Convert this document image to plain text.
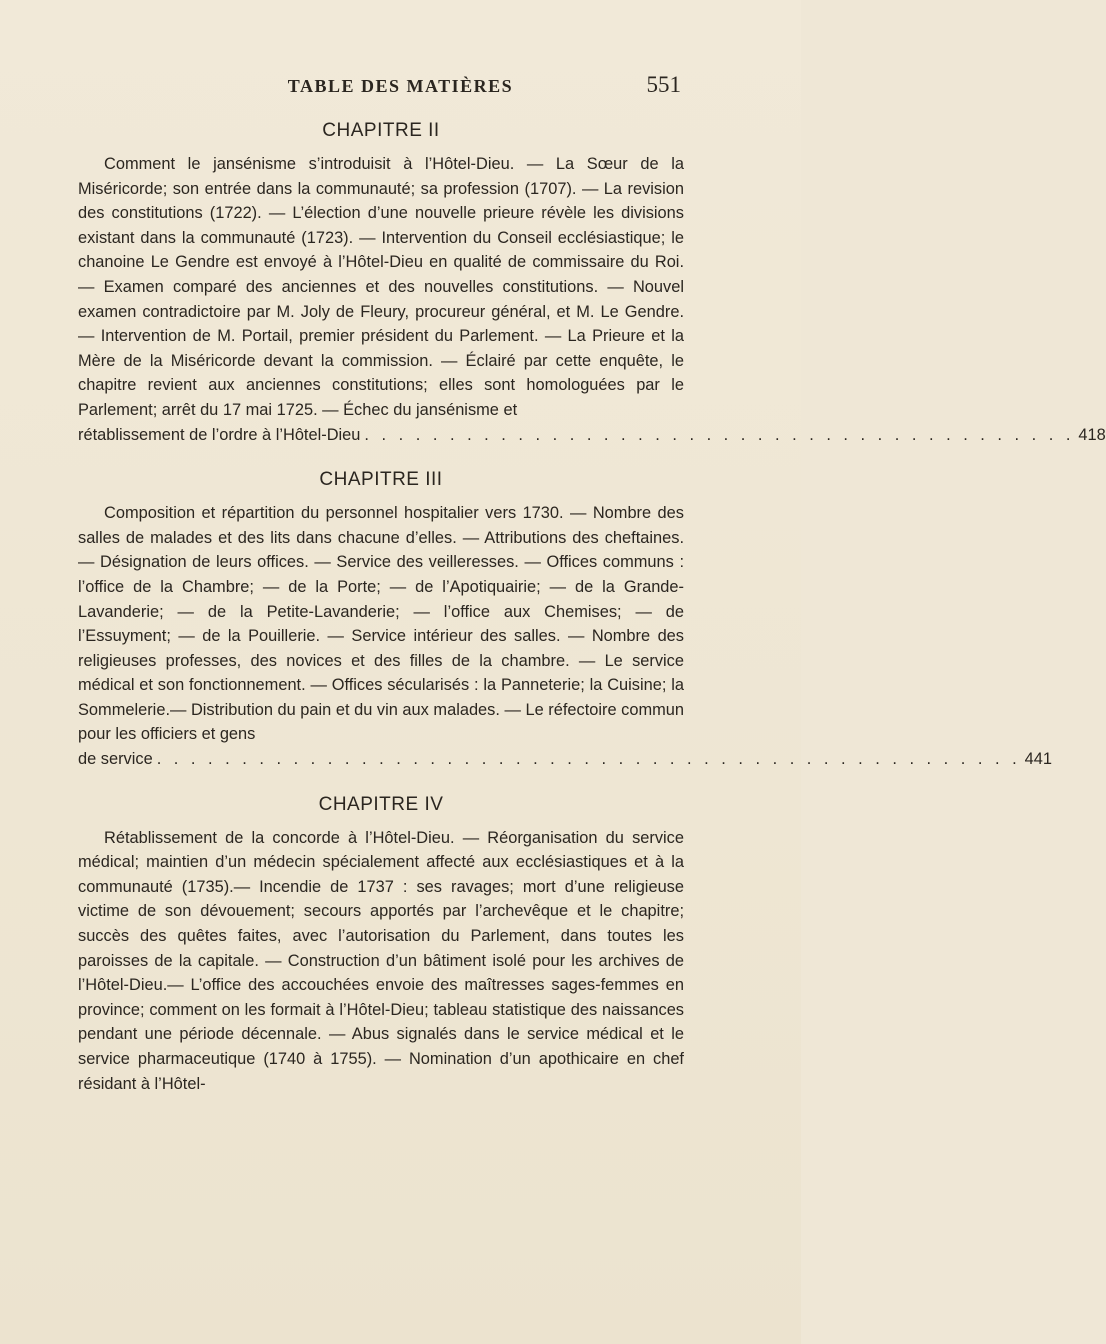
TABLE DES MATIÈRES	551
CHAPITRE II

Comment le jansénisme s’introduisit à l’Hôtel-Dieu. — La Sœur de la Miséricorde; son entrée dans la communauté; sa profession (1707). — La revision des constitutions (1722). — L’élection d’une nouvelle prieure révèle les divisions existant dans la communauté (1723). — Intervention du Conseil ecclésiastique; le chanoine Le Gendre est envoyé à l’Hôtel-Dieu en qualité de commissaire du Roi. — Examen comparé des anciennes et des nouvelles constitutions. — Nouvel examen contradictoire par M. Joly de Fleury, procureur général, et M. Le Gendre. — Intervention de M. Portail, premier président du Parlement. — La Prieure et la Mère de la Miséricorde devant la commission. — Éclairé par cette enquête, le chapitre revient aux anciennes constitutions; elles sont homologuées par le Parlement; arrêt du 17 mai 1725. — Échec du jansénisme et

rétablissement de l’ordre à l’Hôtel-Dieu . . . . . . . . . . . . . . . . . . . . . . . . . . . . . . . . . . . . . . . . . . 418
CHAPITRE III

Composition et répartition du personnel hospitalier vers 1730. — Nombre des salles de malades et des lits dans chacune d’elles. — Attributions des cheftaines. — Désignation de leurs offices. — Service des veilleresses. — Offices communs : l’office de la Chambre; — de la Porte; — de l’Apotiquairie; — de la Grande-Lavanderie; — de la Petite-Lavanderie; — l’office aux Chemises; — de l’Essuyment; — de la Pouillerie. — Service intérieur des salles. — Nombre des religieuses professes, des novices et des filles de la chambre. — Le service médical et son fonctionnement. — Offices sécularisés : la Panneterie; la Cuisine; la Sommelerie.— Distribution du pain et du vin aux malades. — Le réfectoire commun pour les officiers et gens

de service . . . . . . . . . . . . . . . . . . . . . . . . . . . . . . . . . . . . . . . . . . . . . . . . . . . 441
CHAPITRE IV

Rétablissement de la concorde à l’Hôtel-Dieu. — Réorganisation du service médical; maintien d’un médecin spécialement affecté aux ecclésiastiques et à la communauté (1735).— Incendie de 1737 : ses ravages; mort d’une religieuse victime de son dévouement; secours apportés par l’archevêque et le chapitre; succès des quêtes faites, avec l’autorisation du Parlement, dans toutes les paroisses de la capitale. — Construction d’un bâtiment isolé pour les archives de l’Hôtel-Dieu.— L’office des accouchées envoie des maîtresses sages-femmes en province; comment on les formait à l’Hôtel-Dieu; tableau statistique des naissances pendant une période décennale. — Abus signalés dans le service médical et le service pharmaceutique (1740 à 1755). — Nomination d’un apothicaire en chef résidant à l’Hôtel-
